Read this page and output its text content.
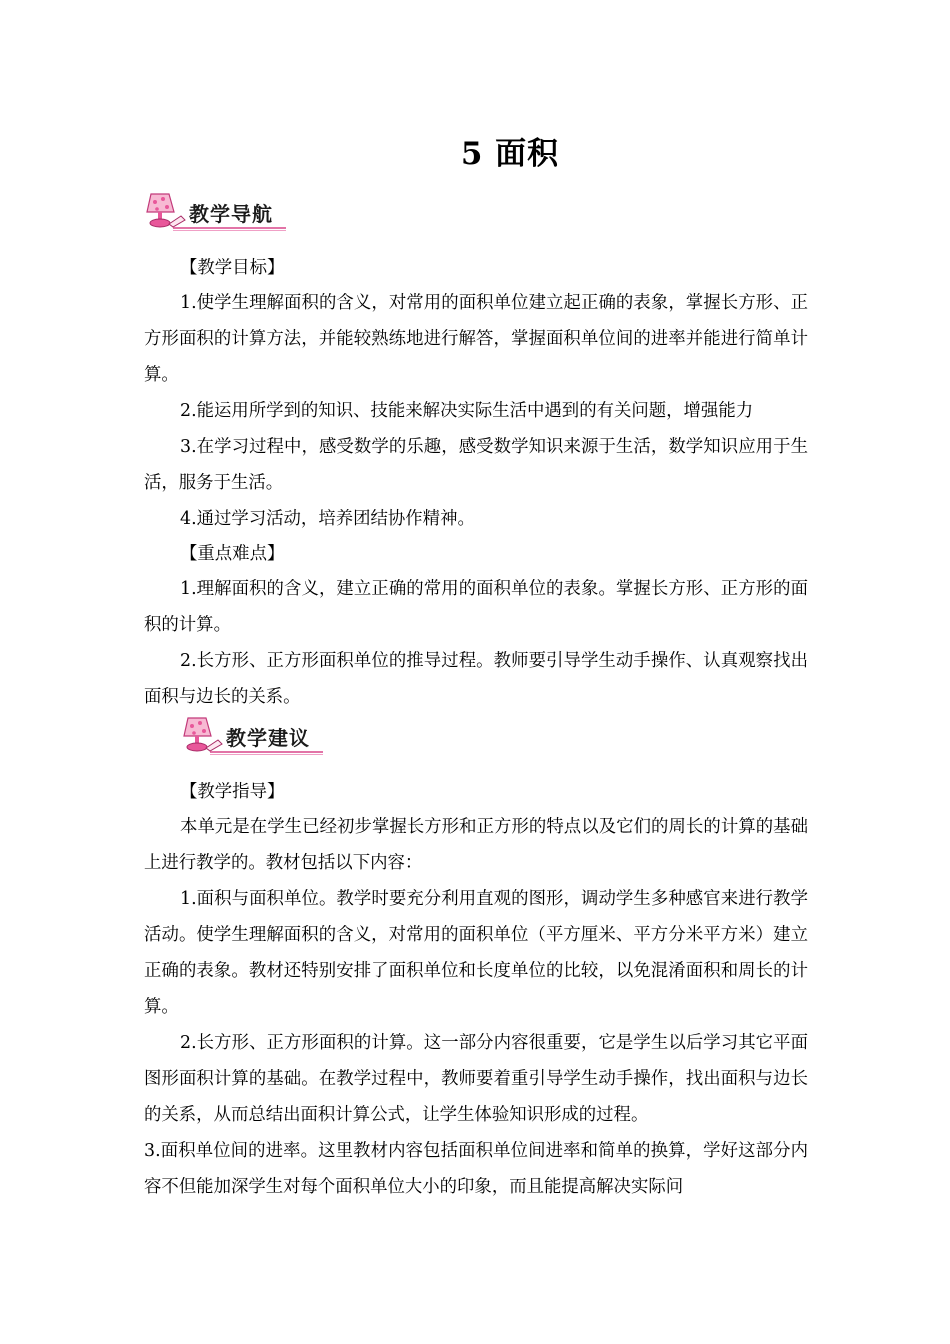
5 面积
教学导航
【教学目标】

1.使学生理解面积的含义，对常用的面积单位建立起正确的表象，掌握长方形、正方形面积的计算方法，并能较熟练地进行解答，掌握面积单位间的进率并能进行简单计算。

2.能运用所学到的知识、技能来解决实际生活中遇到的有关问题，增强能力

3.在学习过程中，感受数学的乐趣，感受数学知识来源于生活，数学知识应用于生活，服务于生活。

4.通过学习活动，培养团结协作精神。

【重点难点】

1.理解面积的含义，建立正确的常用的面积单位的表象。掌握长方形、正方形的面积的计算。

2.长方形、正方形面积单位的推导过程。教师要引导学生动手操作、认真观察找出面积与边长的关系。

教学建议
【教学指导】

本单元是在学生已经初步掌握长方形和正方形的特点以及它们的周长的计算的基础上进行教学的。教材包括以下内容：

1.面积与面积单位。教学时要充分利用直观的图形，调动学生多种感官来进行教学活动。使学生理解面积的含义，对常用的面积单位（平方厘米、平方分米平方米）建立正确的表象。教材还特别安排了面积单位和长度单位的比较，以免混淆面积和周长的计算。

2.长方形、正方形面积的计算。这一部分内容很重要，它是学生以后学习其它平面图形面积计算的基础。在教学过程中，教师要着重引导学生动手操作，找出面积与边长的关系，从而总结出面积计算公式，让学生体验知识形成的过程。

3.面积单位间的进率。这里教材内容包括面积单位间进率和简单的换算，学好这部分内容不但能加深学生对每个面积单位大小的印象，而且能提高解决实际问
